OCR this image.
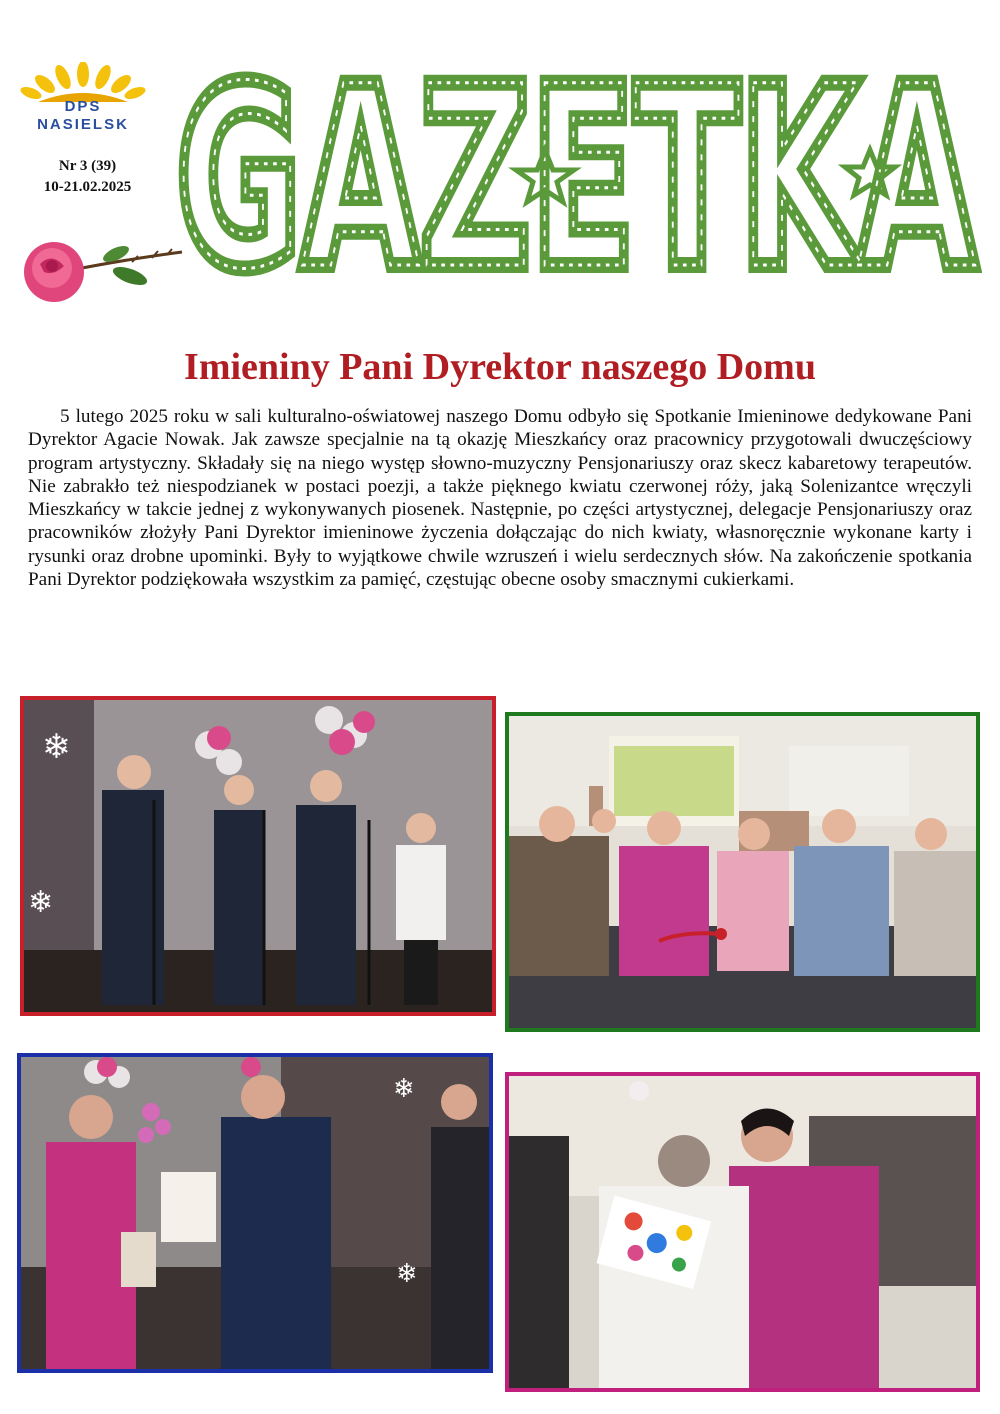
DPS
NASIELSK
Nr 3 (39)
10-21.02.2025 GAZETKA
GAZETKA
Imieniny Pani Dyrektor naszego Domu

5 lutego 2025 roku w sali kulturalno-oświatowej naszego Domu odbyło się Spotkanie Imieninowe dedykowane Pani Dyrektor Agacie Nowak. Jak zawsze specjalnie na tą okazję Mieszkańcy oraz pracownicy przygotowali dwuczęściowy program artystyczny. Składały się na niego występ słowno-muzyczny Pensjonariuszy oraz skecz kabaretowy terapeutów. Nie zabrakło też niespodzianek w postaci poezji, a także pięknego kwiatu czerwonej róży, jaką Solenizantce wręczyli Mieszkańcy w takcie jednej z wykonywanych piosenek. Następnie, po części artystycznej, delegacje Pensjonariuszy oraz pracowników złożyły Pani Dyrektor imieninowe życzenia dołączając do nich kwiaty, własnoręcznie wykonane karty i rysunki oraz drobne upominki. Były to wyjątkowe chwile wzruszeń i wielu serdecznych słów. Na zakończenie spotkania Pani Dyrektor podziękowała wszystkim za pamięć, częstując obecne osoby smacznymi cukierkami.

❄
❄
❄
❄
